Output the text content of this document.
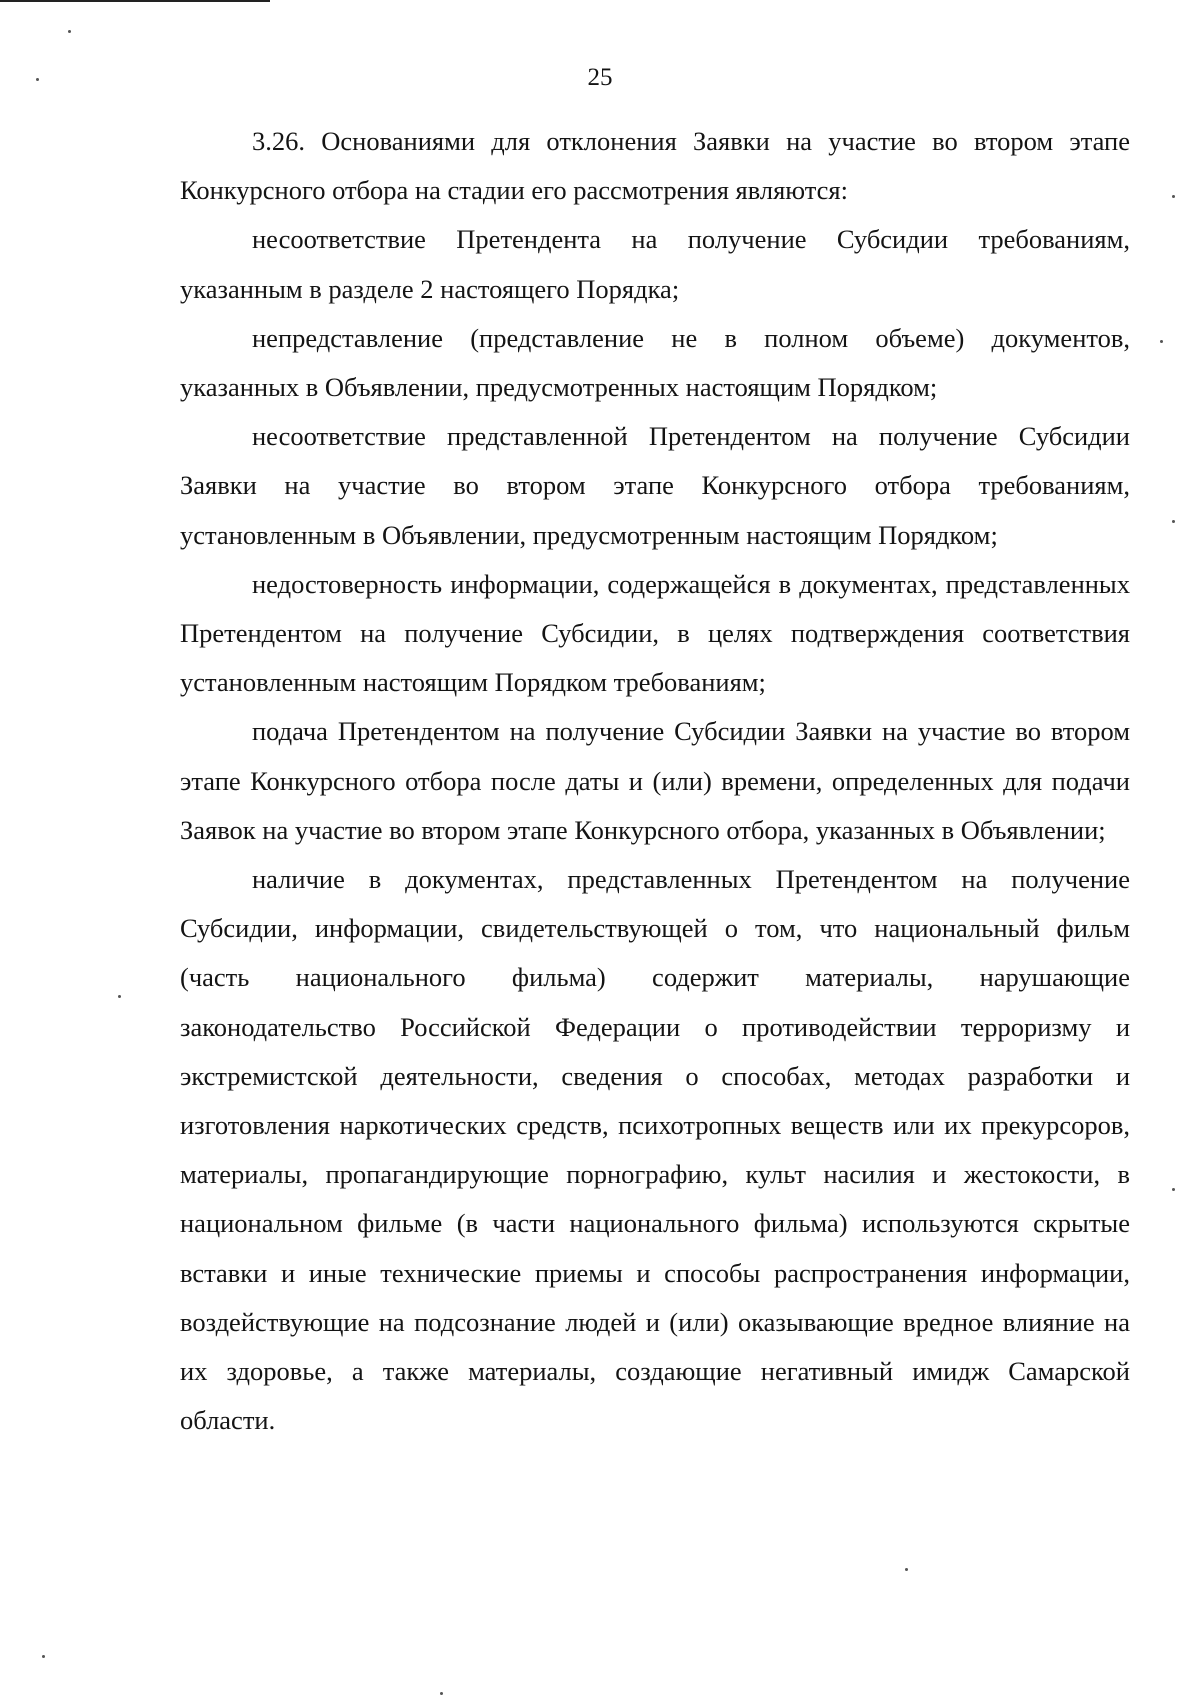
25

3.26. Основаниями для отклонения Заявки на участие во втором этапе Конкурсного отбора на стадии его рассмотрения являются:

несоответствие Претендента на получение Субсидии требованиям, указанным в разделе 2 настоящего Порядка;

непредставление (представление не в полном объеме) документов, указанных в Объявлении, предусмотренных настоящим Порядком;

несоответствие представленной Претендентом на получение Субсидии Заявки на участие во втором этапе Конкурсного отбора требованиям, установленным в Объявлении, предусмотренным настоящим Порядком;

недостоверность информации, содержащейся в документах, представленных Претендентом на получение Субсидии, в целях подтверждения соответствия установленным настоящим Порядком требованиям;

подача Претендентом на получение Субсидии Заявки на участие во втором этапе Конкурсного отбора после даты и (или) времени, определенных для подачи Заявок на участие во втором этапе Конкурсного отбора, указанных в Объявлении;

наличие в документах, представленных Претендентом на получение Субсидии, информации, свидетельствующей о том, что национальный фильм (часть национального фильма) содержит материалы, нарушающие законодательство Российской Федерации о противодействии терроризму и экстремистской деятельности, сведения о способах, методах разработки и изготовления наркотических средств, психотропных веществ или их прекурсоров, материалы, пропагандирующие порнографию, культ насилия и жестокости, в национальном фильме (в части национального фильма) используются скрытые вставки и иные технические приемы и способы распространения информации, воздействующие на подсознание людей и (или) оказывающие вредное влияние на их здоровье, а также материалы, создающие негативный имидж Самарской области.
